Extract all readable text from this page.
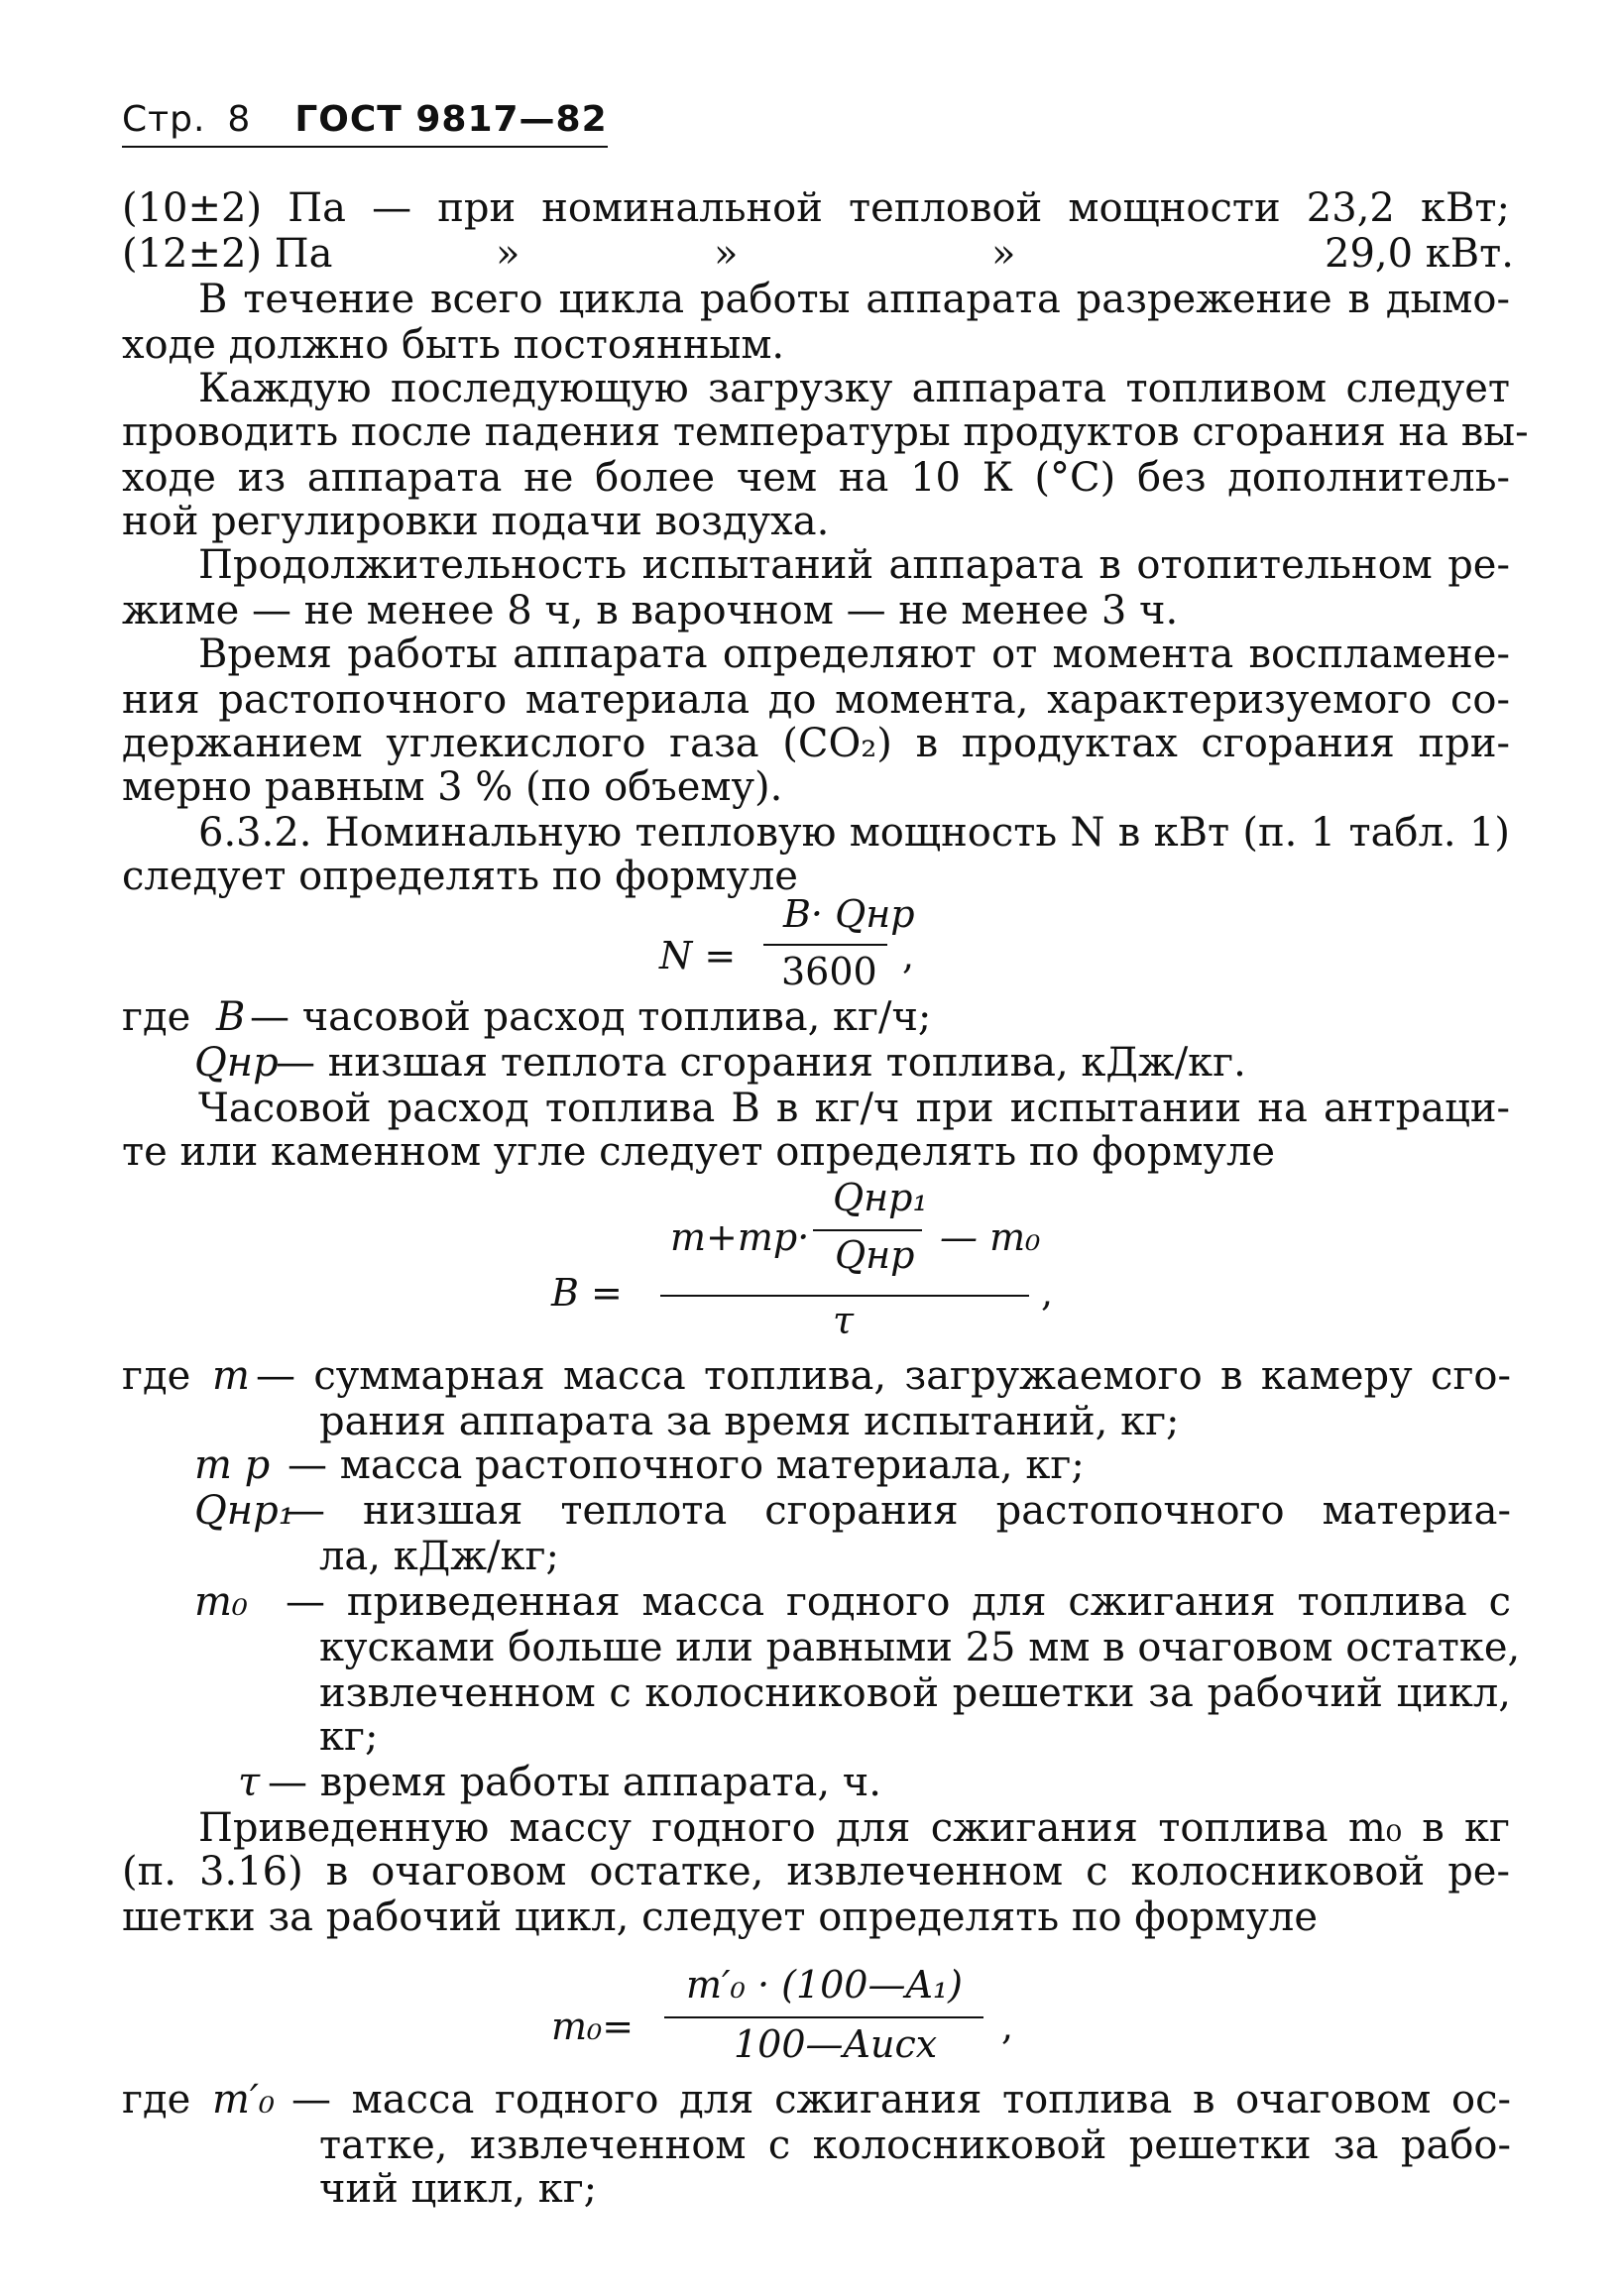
Стр. 8 ГОСТ 9817—82
(10±2) Па — при номинальной тепловой мощности 23,2 кВт;
(12±2) Па	»	»	»	29,0 кВт.
В течение всего цикла работы аппарата разрежение в дымо-
ходе должно быть постоянным.
Каждую последующую загрузку аппарата топливом следует
проводить после падения температуры продуктов сгорания на вы-
ходе из аппарата не более чем на 10 К (°С) без дополнитель-
ной регулировки подачи воздуха.
Продолжительность испытаний аппарата в отопительном ре-
жиме — не менее 8 ч, в варочном — не менее 3 ч.
Время работы аппарата определяют от момента воспламене-
ния растопочного материала до момента, характеризуемого со-
держанием углекислого газа (CO₂) в продуктах сгорания при-
мерно равным 3 % (по объему).
6.3.2. Номинальную тепловую мощность N в кВт (п. 1 табл. 1)
следует определять по формуле
N =
B· Qнр
3600 ,
где B — часовой расход топлива, кг/ч;
Qнр
— низшая теплота сгорания топлива, кДж/кг.
Часовой расход топлива B в кг/ч при испытании на антраци-
те или каменном угле следует определять по формуле
B =
m+mр·
Qнр₁
Qнр — m₀
τ
,
где m — суммарная масса топлива, загружаемого в камеру сго-
рания аппарата за время испытаний, кг;
m р — масса растопочного материала, кг;
Qнр₁
— низшая теплота сгорания растопочного материа-
ла, кДж/кг;
m₀ — приведенная масса годного для сжигания топлива с
кусками больше или равными 25 мм в очаговом остатке,
извлеченном с колосниковой решетки за рабочий цикл,
кг;
τ — время работы аппарата, ч.
Приведенную массу годного для сжигания топлива m₀ в кг
(п. 3.16) в очаговом остатке, извлеченном с колосниковой ре-
шетки за рабочий цикл, следует определять по формуле
m₀=
m′₀ · (100—A₁)
100—Aисх ,
где m′₀ — масса годного для сжигания топлива в очаговом ос-
татке, извлеченном с колосниковой решетки за рабо-
чий цикл, кг;
